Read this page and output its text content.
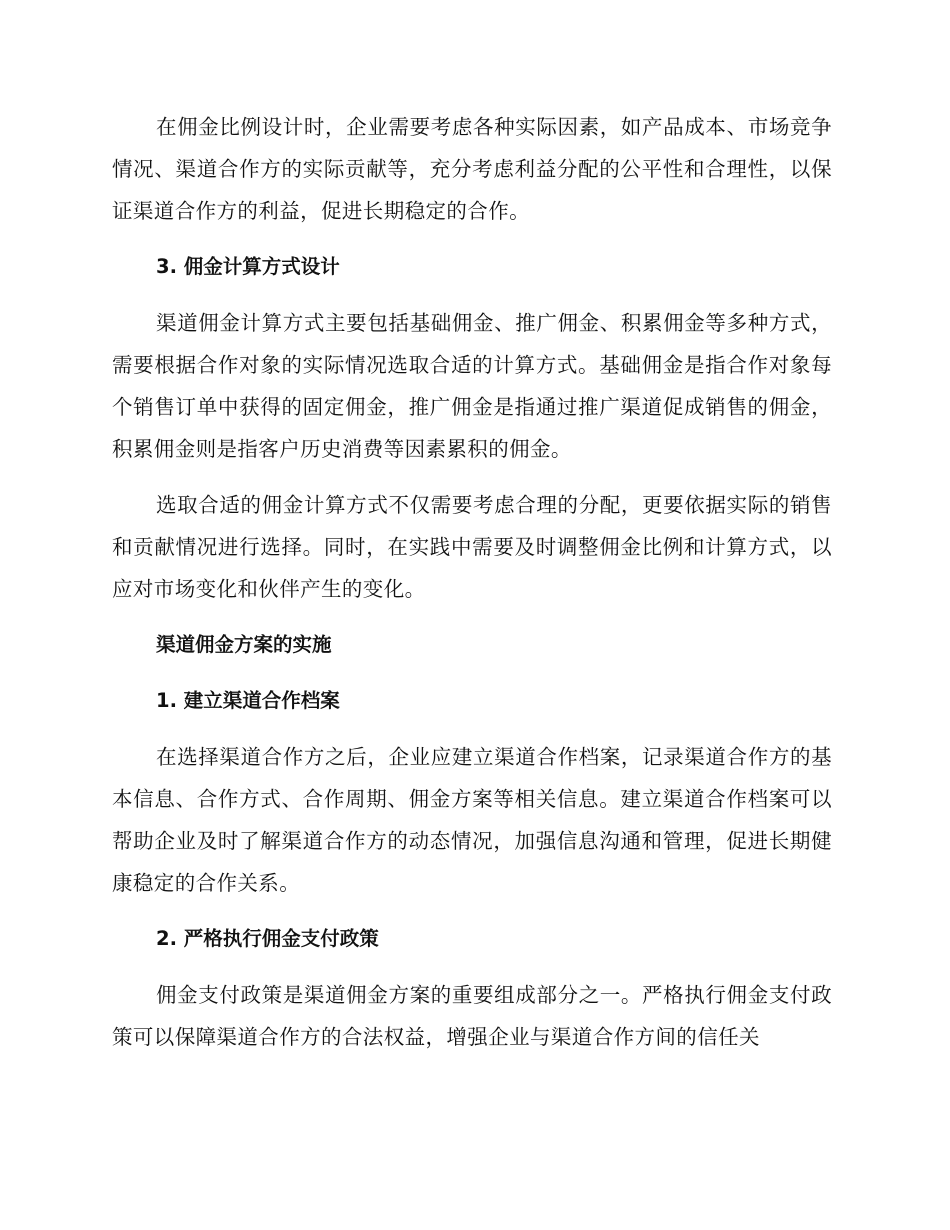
在佣金比例设计时，企业需要考虑各种实际因素，如产品成本、市场竞争情况、渠道合作方的实际贡献等，充分考虑利益分配的公平性和合理性，以保证渠道合作方的利益，促进长期稳定的合作。

3. 佣金计算方式设计

渠道佣金计算方式主要包括基础佣金、推广佣金、积累佣金等多种方式，需要根据合作对象的实际情况选取合适的计算方式。基础佣金是指合作对象每个销售订单中获得的固定佣金，推广佣金是指通过推广渠道促成销售的佣金，积累佣金则是指客户历史消费等因素累积的佣金。

选取合适的佣金计算方式不仅需要考虑合理的分配，更要依据实际的销售和贡献情况进行选择。同时，在实践中需要及时调整佣金比例和计算方式，以应对市场变化和伙伴产生的变化。

渠道佣金方案的实施

1. 建立渠道合作档案

在选择渠道合作方之后，企业应建立渠道合作档案，记录渠道合作方的基本信息、合作方式、合作周期、佣金方案等相关信息。建立渠道合作档案可以帮助企业及时了解渠道合作方的动态情况，加强信息沟通和管理，促进长期健康稳定的合作关系。

2. 严格执行佣金支付政策

佣金支付政策是渠道佣金方案的重要组成部分之一。严格执行佣金支付政策可以保障渠道合作方的合法权益，增强企业与渠道合作方间的信任关
